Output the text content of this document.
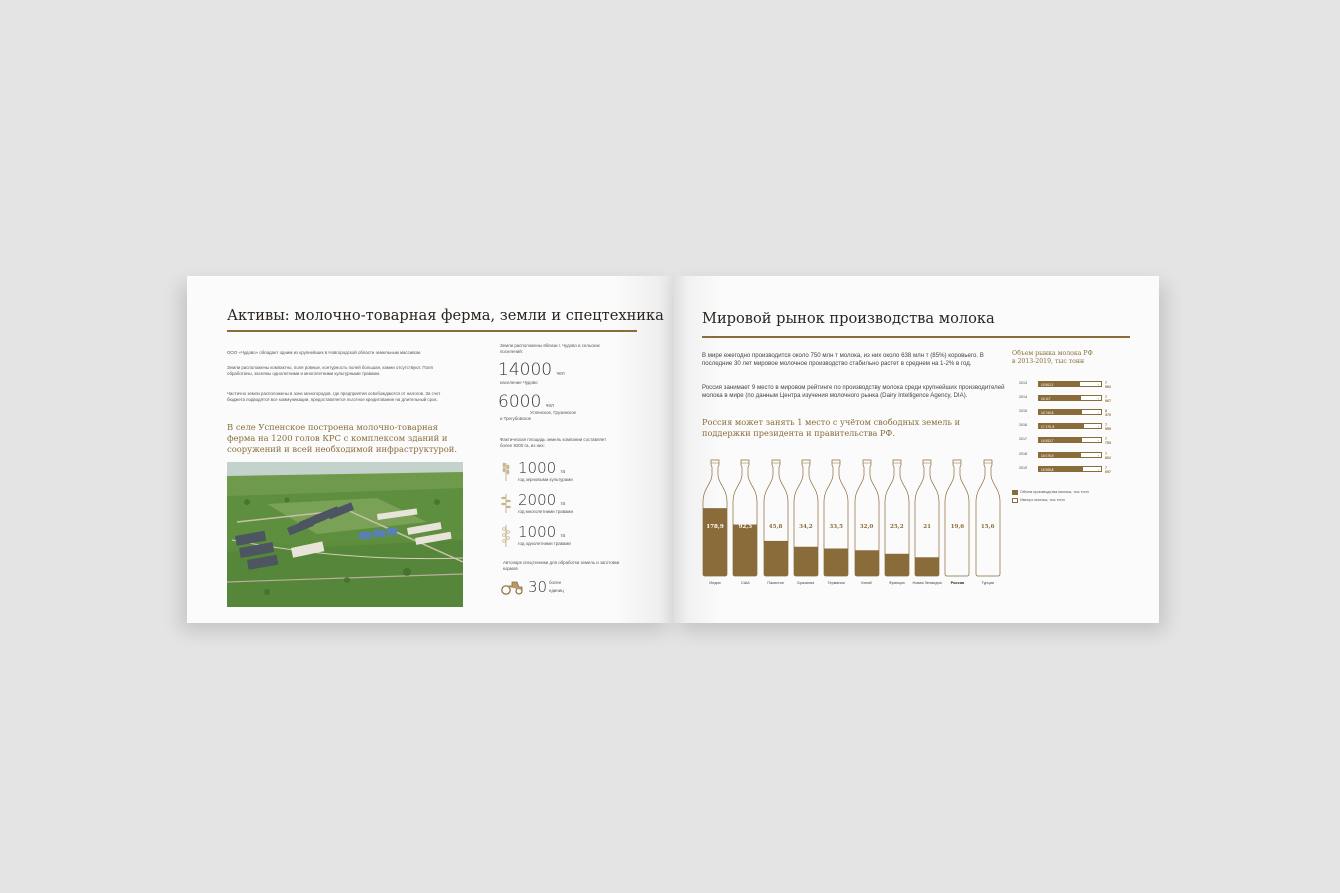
Активы: молочно-товарная ферма, земли и спецтехника
ООО «Чудово» обладает одним из крупнейших в Новгородской области земельным массивом.
Земли расположены компактно, поля ровные, контурность полей большая, камни отсутствуют. Поля обработаны, засеяны однолетними и многолетними культурными травами.
Частично земли расположены в зоне моногородов, где предприятия освобождаются от налогов. За счет бюджета подводятся все коммуникации, предоставляется льготное кредитование на длительный срок.
В селе Успенское построена молочно-товарная ферма на 1200 голов КРС с комплексом зданий и сооружений и всей необходимой инфраструктурой.
Земли расположены вблизи г. Чудово и сельских поселений:
14000 чел
население Чудово
6000 чел
Успенское, Грузинское
и Трегубовское
Фактическая площадь земель компании составляет более 8200 га, из них:
1000 га
год зерновыми культурами
2000 га
год многолетними травами
1000 га
год однолетними травами
Автопарк спецтехники для обработки земель и заготовки кормов
30 более
единиц
Мировой рынок производства молока
В мире ежегодно производится около 750 млн т молока, из них около 638 млн т (85%) коровьего. В последние 30 лет мировое молочное производство стабильно растет в среднем на 1-2% в год.
Россия занимает 9 место в мировом рейтинге по производству молока среди крупнейших производителей молока в мире (по данным Центра изучения молочного рынка (Dairy Intelligence Agency, DIA).
Россия может занять 1 место с учётом свободных земель и поддержки президента и правительства РФ.
178,9
Индия
92,5
США
45,8
Пакистан
34,2
Бразилия
33,5
Германия
32,0
Китай
25,2
Франция
21
Новая Зеландия
19,6
Россия
15,6
Турция
Объем рынка молока РФ
в 2013-2019, тыс тонн
2013	15 863,2	› 7 992
2014	16 117	› 7 967
2015	16 740,8	› 8 370
2016	17 175, 8	› 7 959
2017	16 553,7	› 7 753
2018	16 075,9	› 7 802
2019	16 968,8	› 7 697
Объем производства молока, тыс тонн
Импорт молока, тыс тонн
